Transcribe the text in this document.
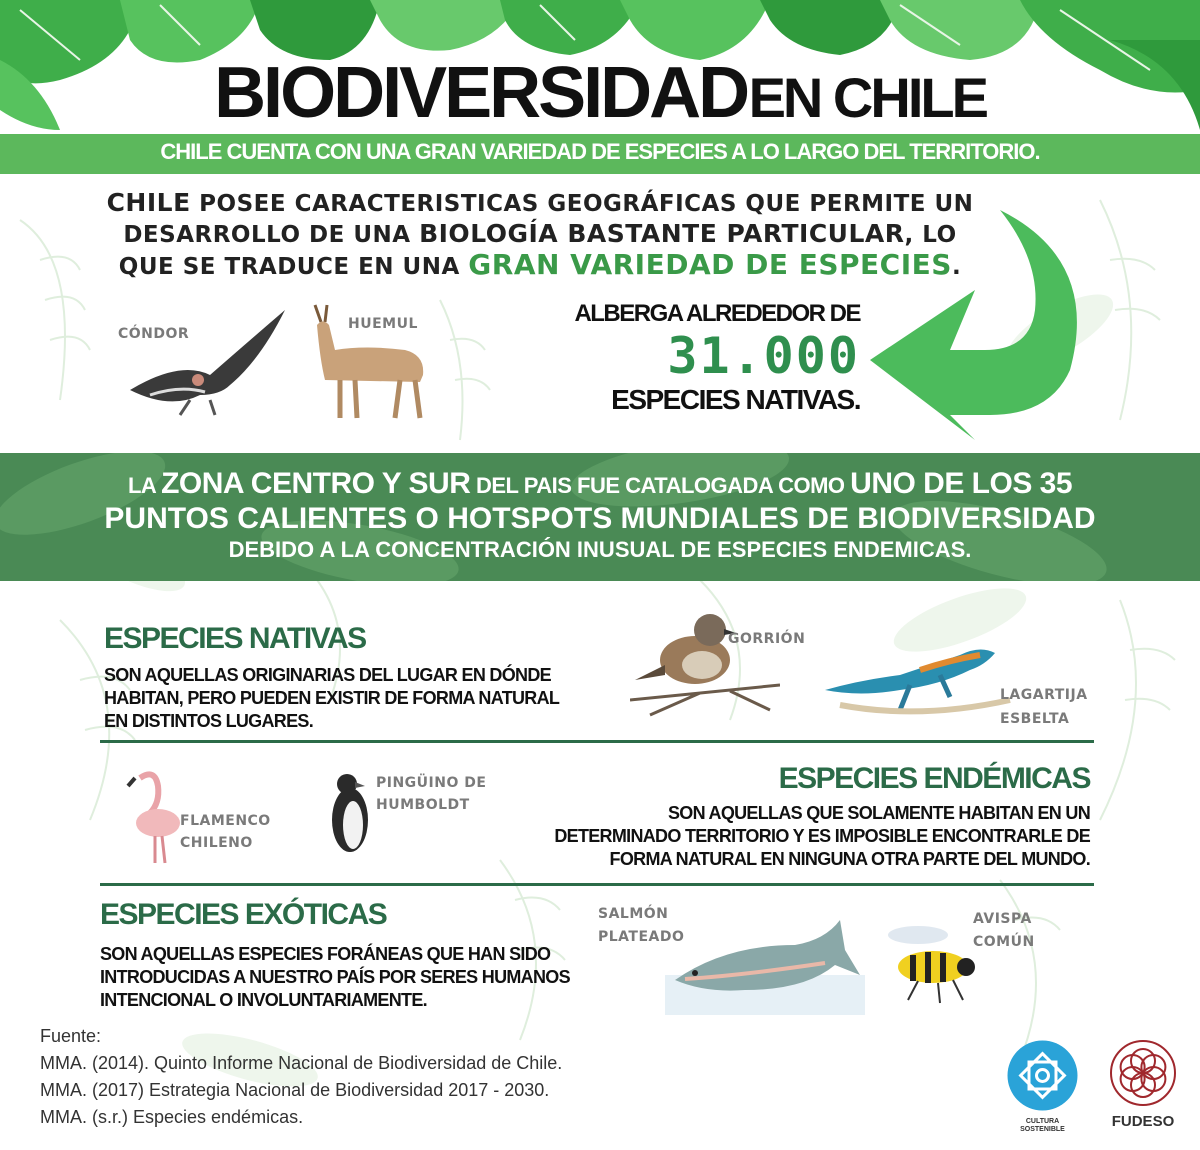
BIODIVERSIDAD EN CHILE
CHILE CUENTA CON UNA GRAN VARIEDAD DE ESPECIES A LO LARGO DEL TERRITORIO.
CHILE POSEE CARACTERISTICAS GEOGRÁFICAS QUE PERMITE UN DESARROLLO DE UNA BIOLOGÍA BASTANTE PARTICULAR, LO QUE SE TRADUCE EN UNA GRAN VARIEDAD DE ESPECIES.
CÓNDOR
HUEMUL	ALBERGA ALREDEDOR DE
31.000
ESPECIES NATIVAS.
LA ZONA CENTRO Y SUR DEL PAIS FUE CATALOGADA COMO UNO DE LOS 35
PUNTOS CALIENTES O HOTSPOTS MUNDIALES DE BIODIVERSIDAD
DEBIDO A LA CONCENTRACIÓN INUSUAL DE ESPECIES ENDEMICAS.
ESPECIES NATIVAS
SON AQUELLAS ORIGINARIAS DEL LUGAR EN DÓNDE
HABITAN, PERO PUEDEN EXISTIR DE FORMA NATURAL
EN DISTINTOS LUGARES.
GORRIÓN
LAGARTIJA
ESBELTA
FLAMENCO
CHILENO
PINGÜINO DE
HUMBOLDT
ESPECIES ENDÉMICAS
SON AQUELLAS QUE SOLAMENTE HABITAN EN UN
DETERMINADO TERRITORIO Y ES IMPOSIBLE ENCONTRARLE DE
FORMA NATURAL EN NINGUNA OTRA PARTE DEL MUNDO.
ESPECIES EXÓTICAS
SON AQUELLAS ESPECIES FORÁNEAS QUE HAN SIDO
INTRODUCIDAS A NUESTRO PAÍS POR SERES HUMANOS
INTENCIONAL O INVOLUNTARIAMENTE.
SALMÓN
PLATEADO
AVISPA
COMÚN
Fuente:
MMA. (2014). Quinto Informe Nacional de Biodiversidad de Chile.
MMA. (2017) Estrategia Nacional de Biodiversidad 2017 - 2030.
MMA. (s.r.) Especies endémicas.	CULTURA
SOSTENIBLE	FUDESO
